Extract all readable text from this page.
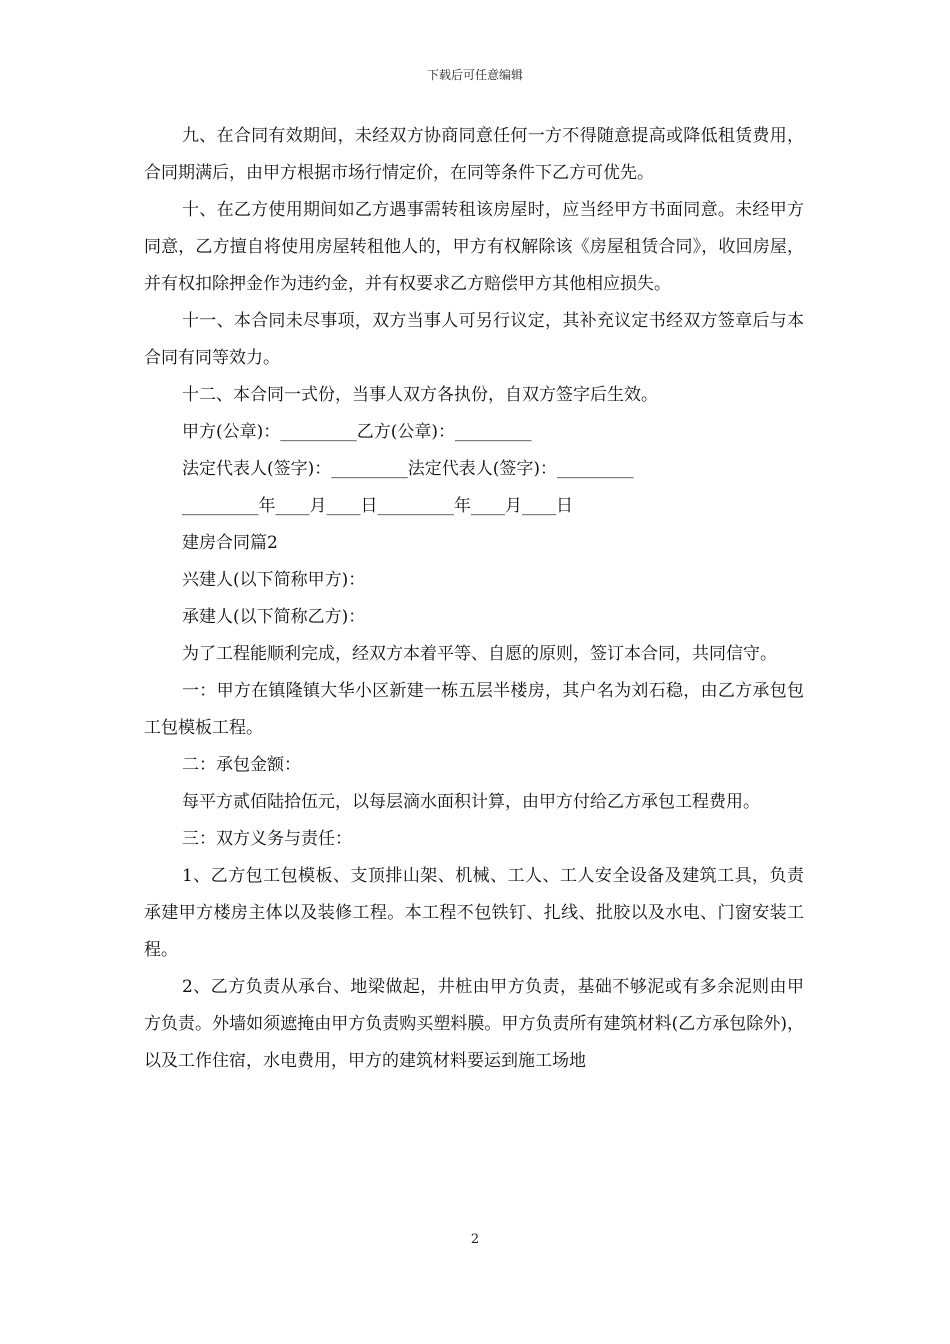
下载后可任意编辑

九、在合同有效期间，未经双方协商同意任何一方不得随意提高或降低租赁费用，合同期满后，由甲方根据市场行情定价，在同等条件下乙方可优先。

十、在乙方使用期间如乙方遇事需转租该房屋时，应当经甲方书面同意。未经甲方同意，乙方擅自将使用房屋转租他人的，甲方有权解除该《房屋租赁合同》，收回房屋，并有权扣除押金作为违约金，并有权要求乙方赔偿甲方其他相应损失。

十一、本合同未尽事项，双方当事人可另行议定，其补充议定书经双方签章后与本合同有同等效力。

十二、本合同一式份，当事人双方各执份，自双方签字后生效。

甲方(公章)：_________乙方(公章)：_________

法定代表人(签字)：_________法定代表人(签字)：_________

_________年____月____日_________年____月____日

建房合同篇2

兴建人(以下简称甲方)：

承建人(以下简称乙方)：

为了工程能顺利完成，经双方本着平等、自愿的原则，签订本合同，共同信守。

一：甲方在镇隆镇大华小区新建一栋五层半楼房，其户名为刘石稳，由乙方承包包工包模板工程。

二：承包金额：

每平方贰佰陆拾伍元，以每层滴水面积计算，由甲方付给乙方承包工程费用。

三：双方义务与责任：

1、乙方包工包模板、支顶排山架、机械、工人、工人安全设备及建筑工具，负责承建甲方楼房主体以及装修工程。本工程不包铁钉、扎线、批胶以及水电、门窗安装工程。

2、乙方负责从承台、地梁做起，井桩由甲方负责，基础不够泥或有多余泥则由甲方负责。外墙如须遮掩由甲方负责购买塑料膜。甲方负责所有建筑材料(乙方承包除外)，以及工作住宿，水电费用，甲方的建筑材料要运到施工场地

2
